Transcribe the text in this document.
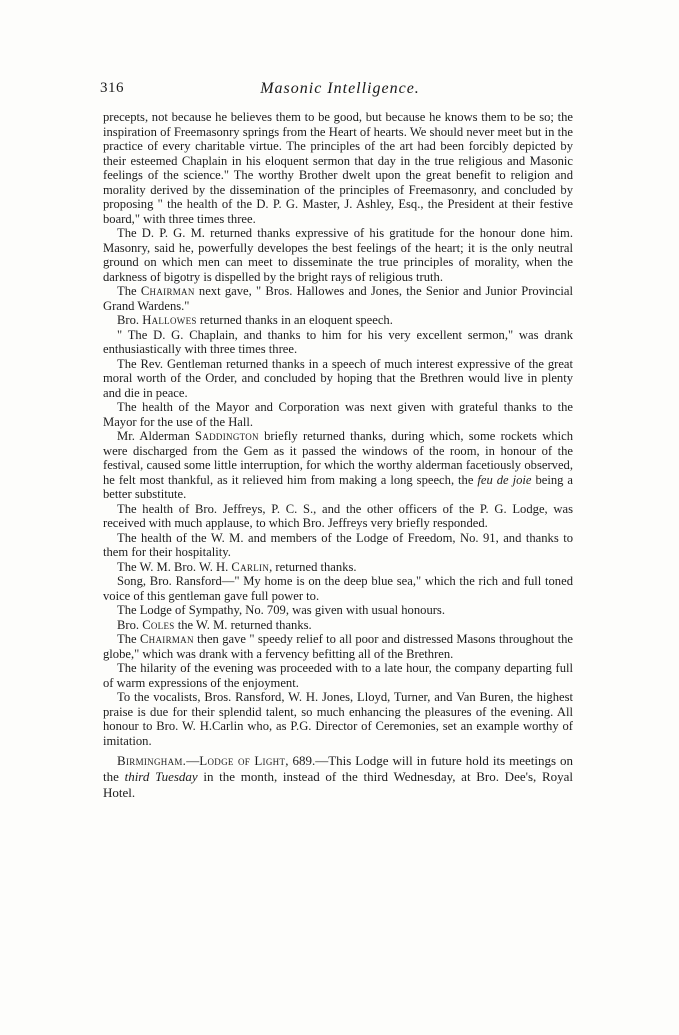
316	Masonic Intelligence.

precepts, not because he believes them to be good, but because he knows them to be so; the inspiration of Freemasonry springs from the Heart of hearts. We should never meet but in the practice of every charitable virtue. The principles of the art had been forcibly depicted by their esteemed Chaplain in his eloquent sermon that day in the true religious and Masonic feelings of the science." The worthy Brother dwelt upon the great benefit to religion and morality derived by the dissemination of the principles of Freemasonry, and concluded by proposing " the health of the D. P. G. Master, J. Ashley, Esq., the President at their festive board," with three times three.

The D. P. G. M. returned thanks expressive of his gratitude for the honour done him. Masonry, said he, powerfully developes the best feelings of the heart; it is the only neutral ground on which men can meet to disseminate the true principles of morality, when the darkness of bigotry is dispelled by the bright rays of religious truth.

The Chairman next gave, " Bros. Hallowes and Jones, the Senior and Junior Provincial Grand Wardens."

Bro. Hallowes returned thanks in an eloquent speech.

" The D. G. Chaplain, and thanks to him for his very excellent sermon," was drank enthusiastically with three times three.

The Rev. Gentleman returned thanks in a speech of much interest expressive of the great moral worth of the Order, and concluded by hoping that the Brethren would live in plenty and die in peace.

The health of the Mayor and Corporation was next given with grateful thanks to the Mayor for the use of the Hall.

Mr. Alderman Saddington briefly returned thanks, during which, some rockets which were discharged from the Gem as it passed the windows of the room, in honour of the festival, caused some little interruption, for which the worthy alderman facetiously observed, he felt most thankful, as it relieved him from making a long speech, the feu de joie being a better substitute.

The health of Bro. Jeffreys, P. C. S., and the other officers of the P. G. Lodge, was received with much applause, to which Bro. Jeffreys very briefly responded.

The health of the W. M. and members of the Lodge of Freedom, No. 91, and thanks to them for their hospitality.

The W. M. Bro. W. H. Carlin, returned thanks.

Song, Bro. Ransford—" My home is on the deep blue sea," which the rich and full toned voice of this gentleman gave full power to.

The Lodge of Sympathy, No. 709, was given with usual honours.

Bro. Coles the W. M. returned thanks.

The Chairman then gave " speedy relief to all poor and distressed Masons throughout the globe," which was drank with a fervency befitting all of the Brethren.

The hilarity of the evening was proceeded with to a late hour, the company departing full of warm expressions of the enjoyment.

To the vocalists, Bros. Ransford, W. H. Jones, Lloyd, Turner, and Van Buren, the highest praise is due for their splendid talent, so much enhancing the pleasures of the evening. All honour to Bro. W. H.Carlin who, as P.G. Director of Ceremonies, set an example worthy of imitation.

Birmingham.—Lodge of Light, 689.—This Lodge will in future hold its meetings on the third Tuesday in the month, instead of the third Wednesday, at Bro. Dee's, Royal Hotel.
